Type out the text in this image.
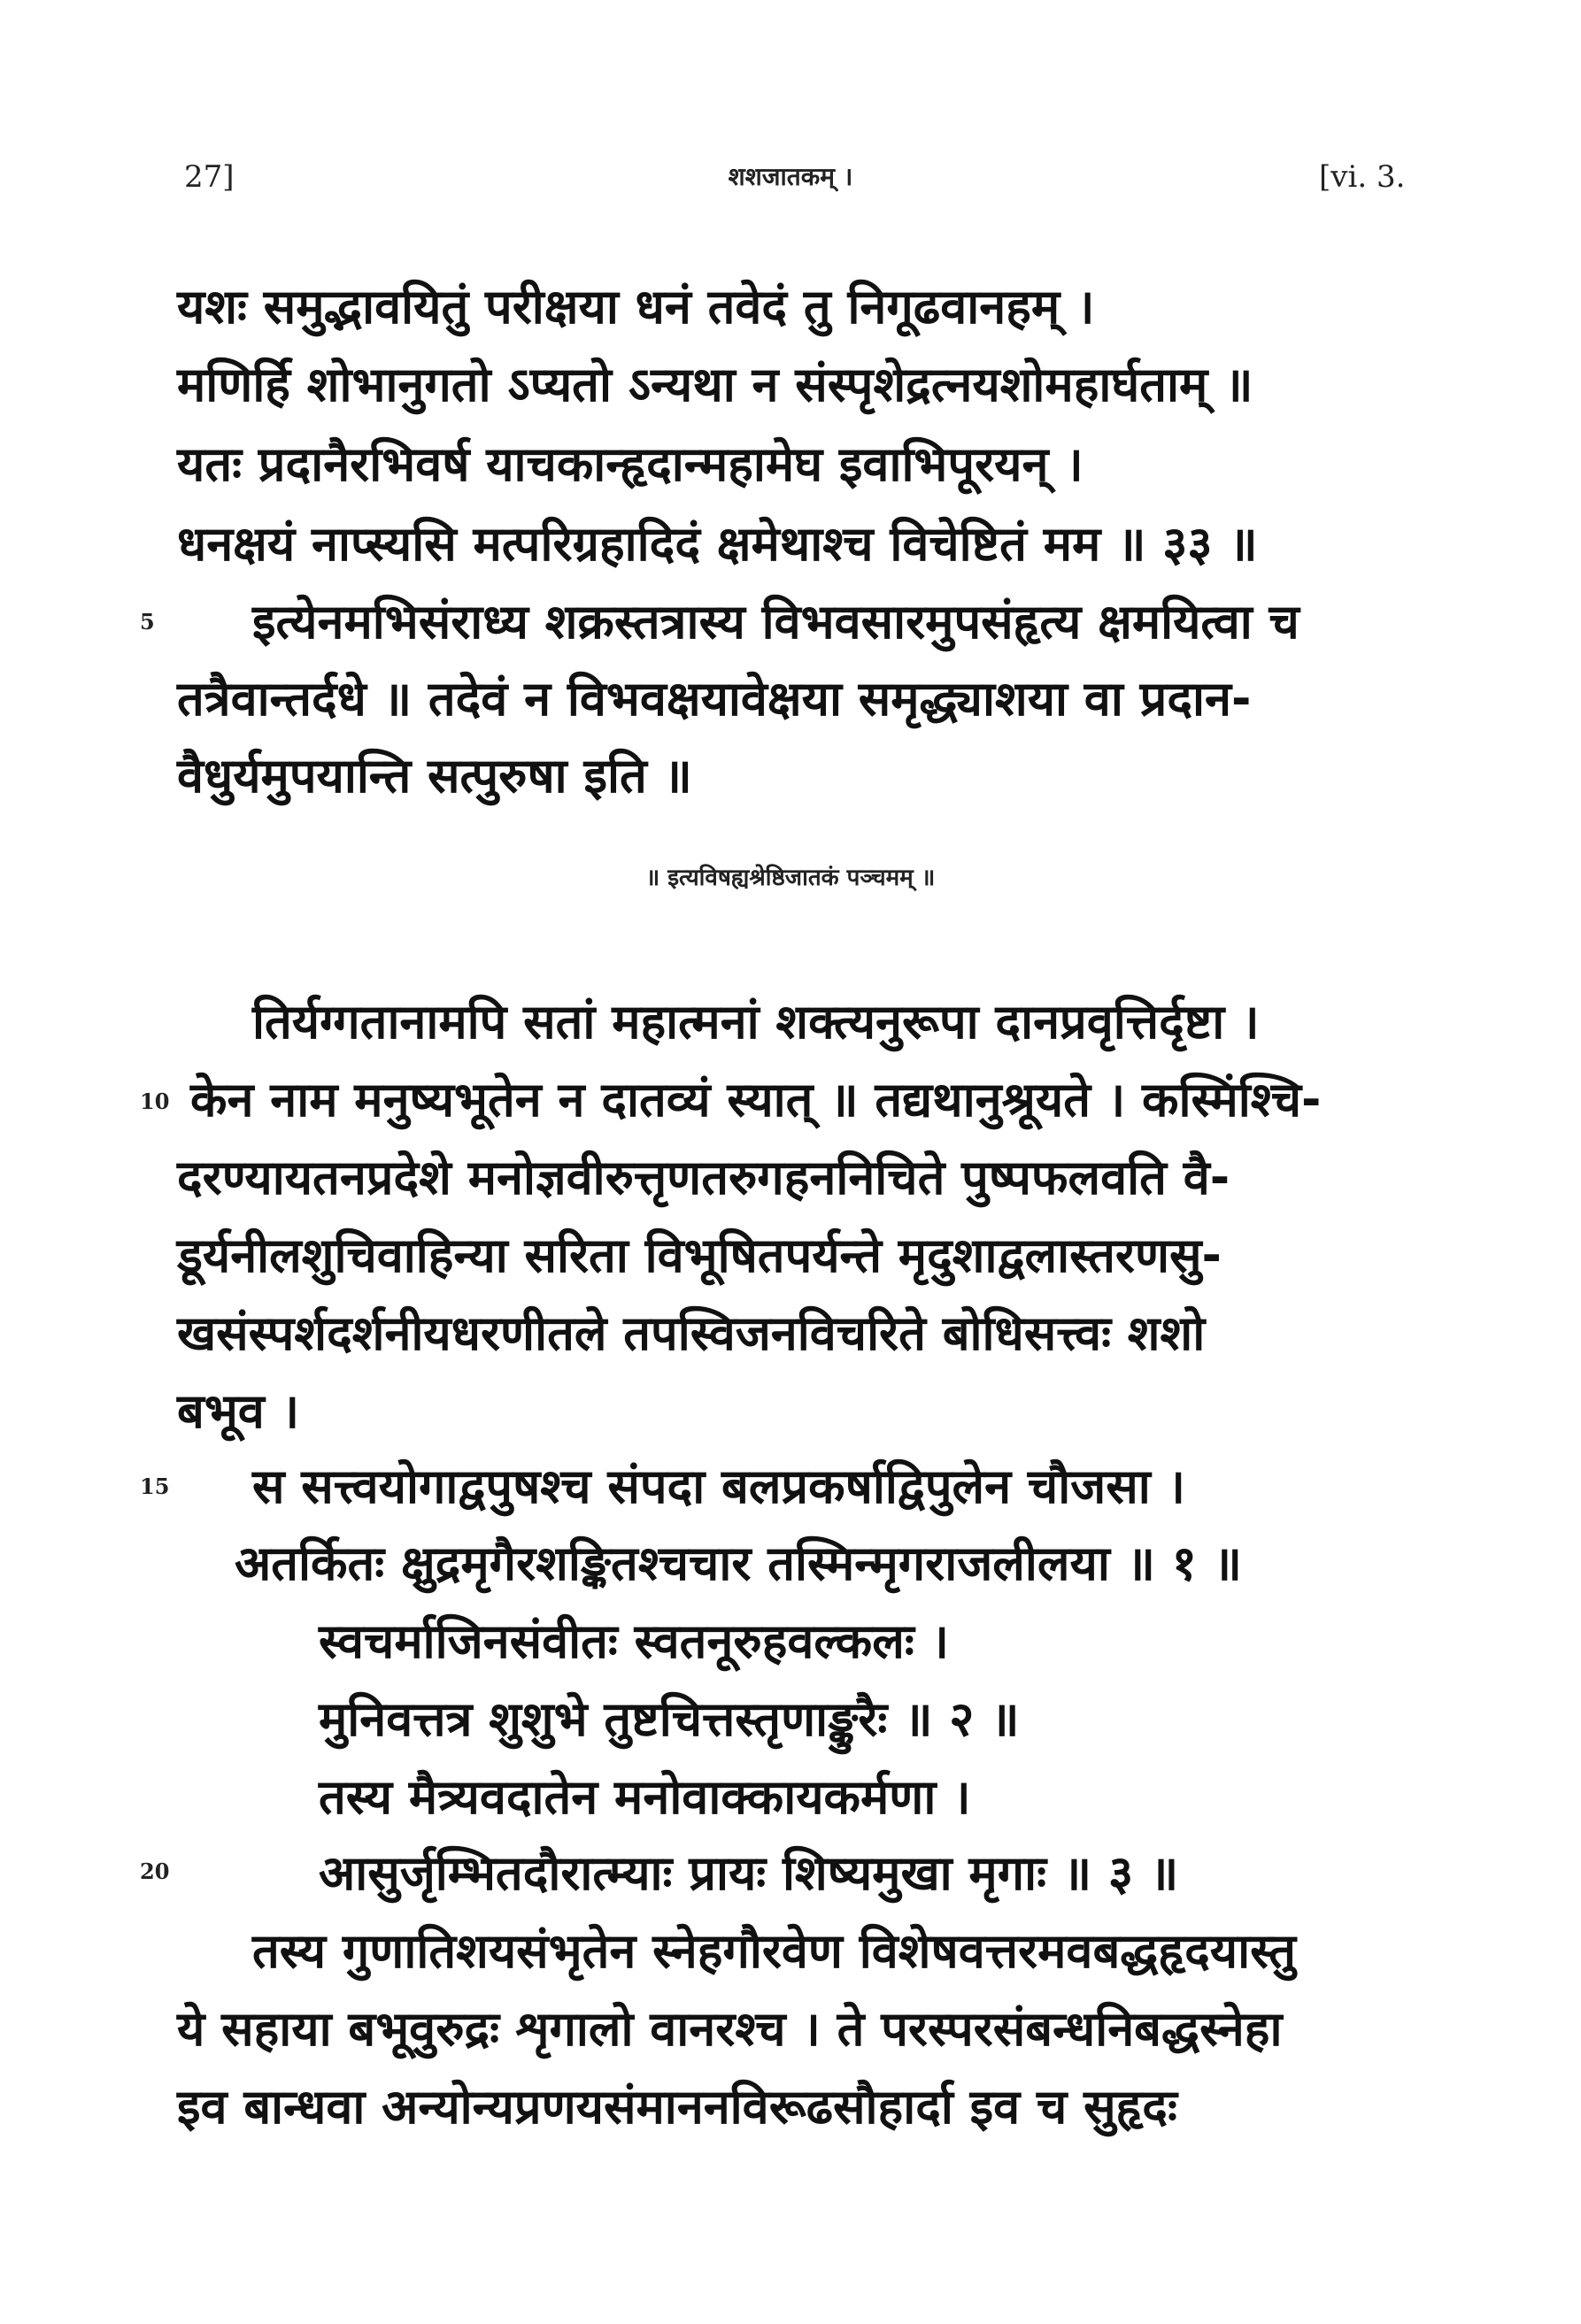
27]	शशजातकम् ।	[vi. 3.
यशः समुद्भावयितुं परीक्षया धनं तवेदं तु निगूढवानहम् ।
मणिर्हि शोभानुगतो ऽप्यतो ऽन्यथा न संस्पृशेद्रत्नयशोमहार्घताम् ॥
यतः प्रदानैरभिवर्ष याचकान्हृदान्महामेघ इवाभिपूरयन् ।
धनक्षयं नाप्स्यसि मत्परिग्रहादिदं क्षमेथाश्च विचेष्टितं मम ॥ ३३ ॥
5 इत्येनमभिसंराध्य शक्रस्तत्रास्य विभवसारमुपसंहृत्य क्षमयित्वा च
तत्रैवान्तर्दधे ॥ तदेवं न विभवक्षयावेक्षया समृद्ध्याशया वा प्रदान-
वैधुर्यमुपयान्ति सत्पुरुषा इति ॥
॥ इत्यविषह्यश्रेष्ठिजातकं पञ्चमम् ॥
तिर्यग्गतानामपि सतां महात्मनां शक्त्यनुरूपा दानप्रवृत्तिर्दृष्टा ।
10 केन नाम मनुष्यभूतेन न दातव्यं स्यात् ॥ तद्यथानुश्रूयते । कस्मिंश्चि-
दरण्यायतनप्रदेशे मनोज्ञवीरुत्तृणतरुगहननिचिते पुष्पफलवति वै-
डूर्यनीलशुचिवाहिन्या सरिता विभूषितपर्यन्ते मृदुशाद्वलास्तरणसु-
खसंस्पर्शदर्शनीयधरणीतले तपस्विजनविचरिते बोधिसत्त्वः शशो
बभूव ।
15 स सत्त्वयोगाद्वपुषश्च संपदा बलप्रकर्षाद्विपुलेन चौजसा ।
अतर्कितः क्षुद्रमृगैरशङ्कितश्चचार तस्मिन्मृगराजलीलया ॥ १ ॥
स्वचर्माजिनसंवीतः स्वतनूरुहवल्कलः ।
मुनिवत्तत्र शुशुभे तुष्टचित्तस्तृणाङ्कुरैः ॥ २ ॥
तस्य मैत्र्यवदातेन मनोवाक्कायकर्मणा ।
20	आसुर्जृम्भितदौरात्म्याः प्रायः शिष्यमुखा मृगाः ॥ ३ ॥
तस्य गुणातिशयसंभृतेन स्नेहगौरवेण विशेषवत्तरमवबद्धहृदयास्तु
ये सहाया बभूवुरुद्रः शृगालो वानरश्च । ते परस्परसंबन्धनिबद्धस्नेहा
इव बान्धवा अन्योन्यप्रणयसंमाननविरूढसौहार्दा इव च सुहृदः
